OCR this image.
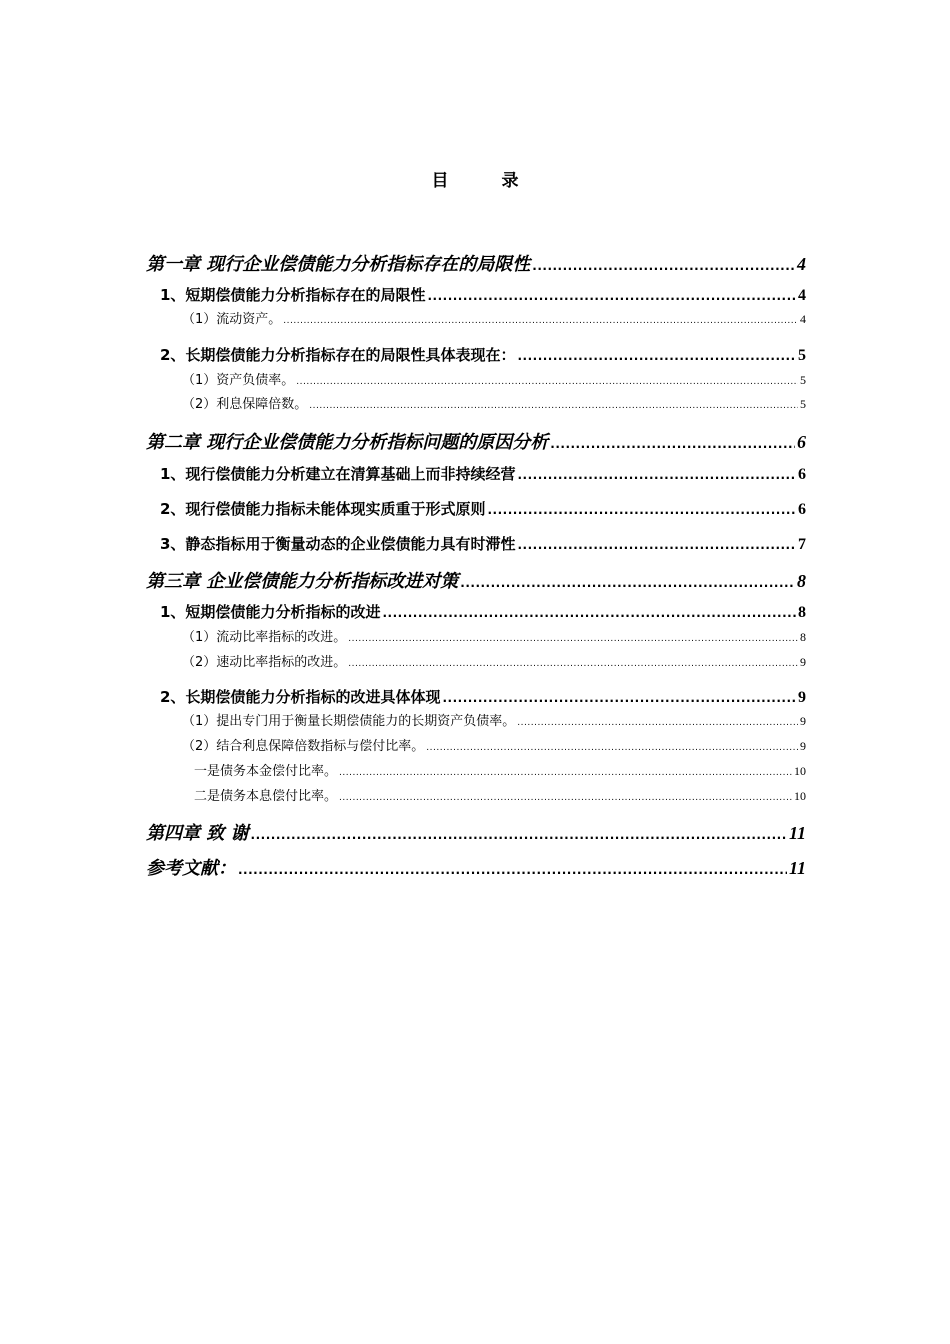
目　录
第一章 现行企业偿债能力分析指标存在的局限性 .....	4
1、短期偿债能力分析指标存在的局限性 .....	4
（1）流动资产。 .....	4
2、长期偿债能力分析指标存在的局限性具体表现在： .....	5
（1）资产负债率。 .....	5
（2）利息保障倍数。 .....	5
第二章 现行企业偿债能力分析指标问题的原因分析 .....	6
1、现行偿债能力分析建立在清算基础上而非持续经营 .....	6
2、现行偿债能力指标未能体现实质重于形式原则 .....	6
3、静态指标用于衡量动态的企业偿债能力具有时滞性 .....	7
第三章 企业偿债能力分析指标改进对策 .....	8
1、短期偿债能力分析指标的改进 .....	8
（1）流动比率指标的改进。 .....	8
（2）速动比率指标的改进。 .....	9
2、长期偿债能力分析指标的改进具体体现 .....	9
（1）提出专门用于衡量长期偿债能力的长期资产负债率。 .....	9
（2）结合利息保障倍数指标与偿付比率。 .....	9
一是债务本金偿付比率。 .....	10
二是债务本息偿付比率。 .....	10
第四章 致 谢 .....	11
参考文献： .....	11
